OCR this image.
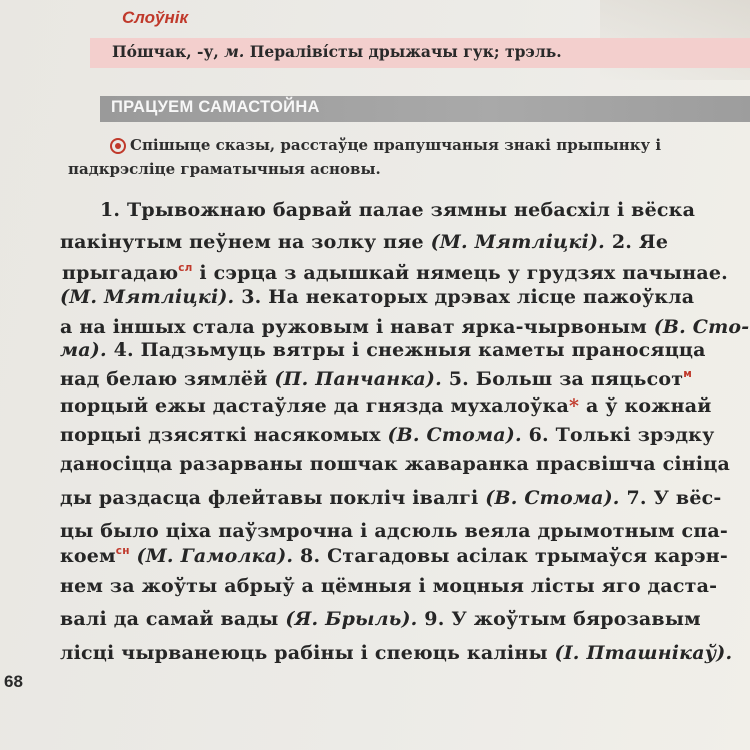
Слоўнік
По́шчак, -у, м. Пераліві́сты дрыжачы гук; трэль.
ПРАЦУЕМ САМАСТОЙНА
Спішыце сказы, расстаўце прапушчаныя знакі прыпынку і
падкрэсліце граматычныя асновы.
1. Трывожнаю барвай палае зямны небасхіл і вёска
пакінутым пеўнем на золку пяе (М. Мятліцкі). 2. Яе
прыгадаю$^{сл}$ і сэрца з адышкай нямець у грудзях пачынае.
(М. Мятліцкі). 3. На некаторых дрэвах лісце пажоўкла
а на іншых стала ружовым і нават ярка-чырвоным (В. Сто-
ма). 4. Падзьмуць вятры і снежныя каметы праносяцца
над белаю зямлёй (П. Панчанка). 5. Больш за пяцьсот$^м$
порцый ежы дастаўляе да гнязда мухалоўка* а ў кожнай
порцыі дзясяткі насякомых (В. Стома). 6. Толькі зрэдку
даносіцца разарваны пошчак жаваранка прасвішча сініца
ды раздасца флейтавы покліч івалгі (В. Стома). 7. У вёс-
цы было ціха паўзмрочна і адсюль веяла дрымотным спа-
коем$^{сн}$ (М. Гамолка). 8. Стагадовы асілак трымаўся карэн-
нем за жоўты абрыў а цёмныя і моцныя лісты яго даста-
валі да самай вады (Я. Брыль). 9. У жоўтым бярозавым
лісці чырванеюць рабіны і спеюць каліны (І. Пташнікаў).
68
